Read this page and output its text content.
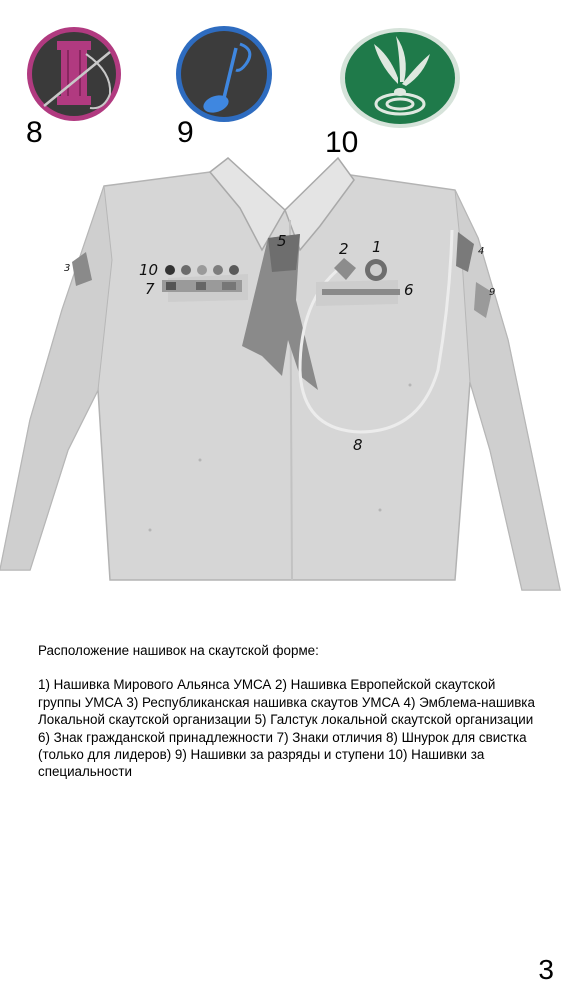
8	9	10
1
2
3
4
5
6
7
8
9
10

Расположение нашивок на скаутской форме:

1) Нашивка Мирового Альянса УМСА 2) Нашивка Европейской скаутской группы УМСА 3) Республиканская нашивка скаутов УМСА 4) Эмблема-нашивка Локальной скаутской организации 5) Галстук локальной скаутской организации 6) Знак гражданской принадлежности 7) Знаки отличия 8) Шнурок для свистка (только для лидеров) 9) Нашивки за разряды и ступени 10) Нашивки за специальности

3
